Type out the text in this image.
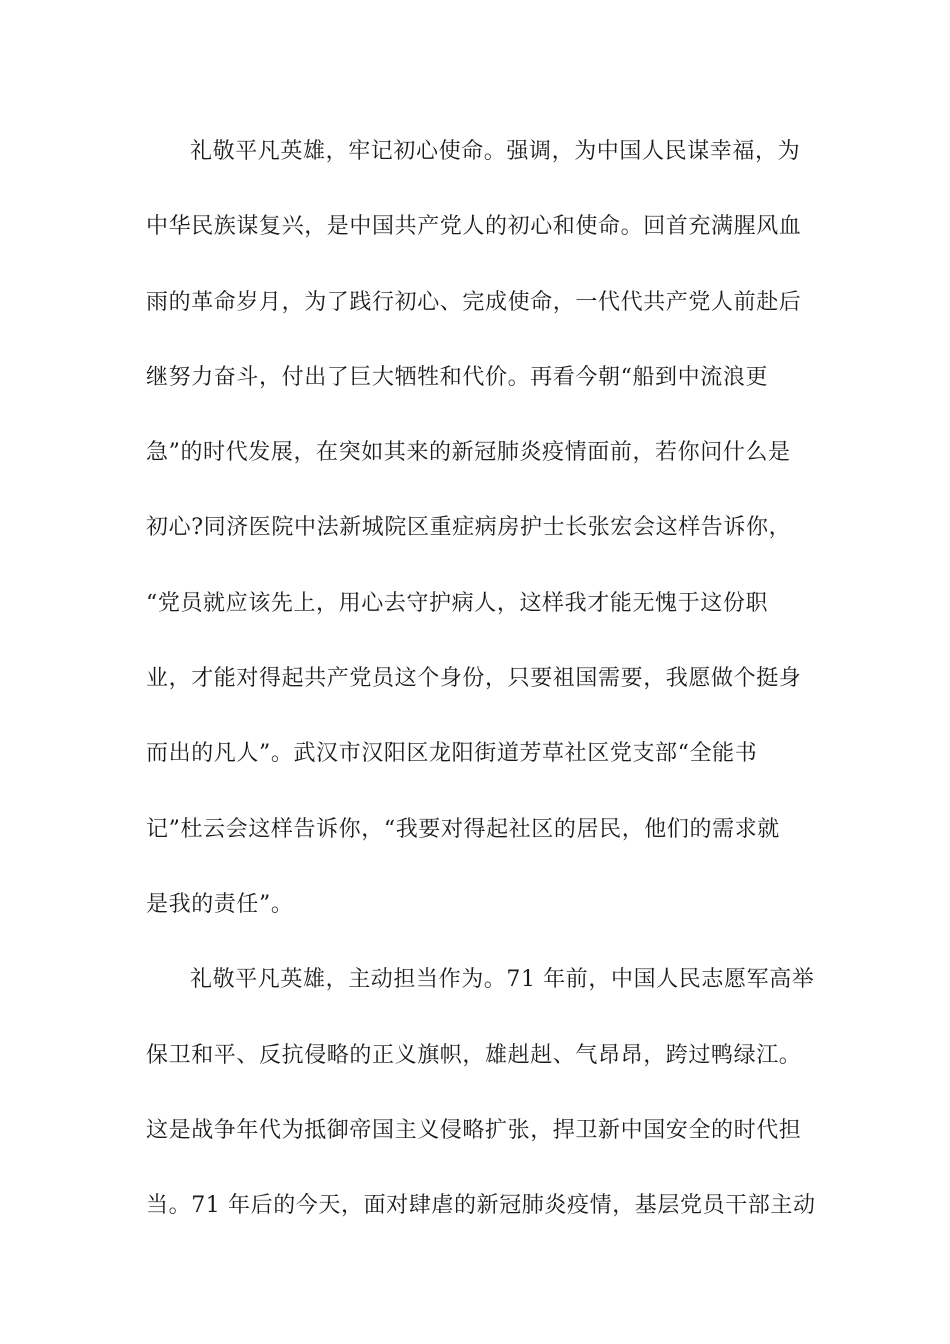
礼敬平凡英雄，牢记初心使命。强调，为中国人民谋幸福，为
中华民族谋复兴，是中国共产党人的初心和使命。回首充满腥风血
雨的革命岁月，为了践行初心、完成使命，一代代共产党人前赴后
继努力奋斗，付出了巨大牺牲和代价。再看今朝“船到中流浪更
急”的时代发展，在突如其来的新冠肺炎疫情面前，若你问什么是
初心?同济医院中法新城院区重症病房护士长张宏会这样告诉你，
“党员就应该先上，用心去守护病人，这样我才能无愧于这份职
业，才能对得起共产党员这个身份，只要祖国需要，我愿做个挺身
而出的凡人”。武汉市汉阳区龙阳街道芳草社区党支部“全能书
记”杜云会这样告诉你，“我要对得起社区的居民，他们的需求就
是我的责任”。
礼敬平凡英雄，主动担当作为。71 年前，中国人民志愿军高举
保卫和平、反抗侵略的正义旗帜，雄赳赳、气昂昂，跨过鸭绿江。
这是战争年代为抵御帝国主义侵略扩张，捍卫新中国安全的时代担
当。71 年后的今天，面对肆虐的新冠肺炎疫情，基层党员干部主动
